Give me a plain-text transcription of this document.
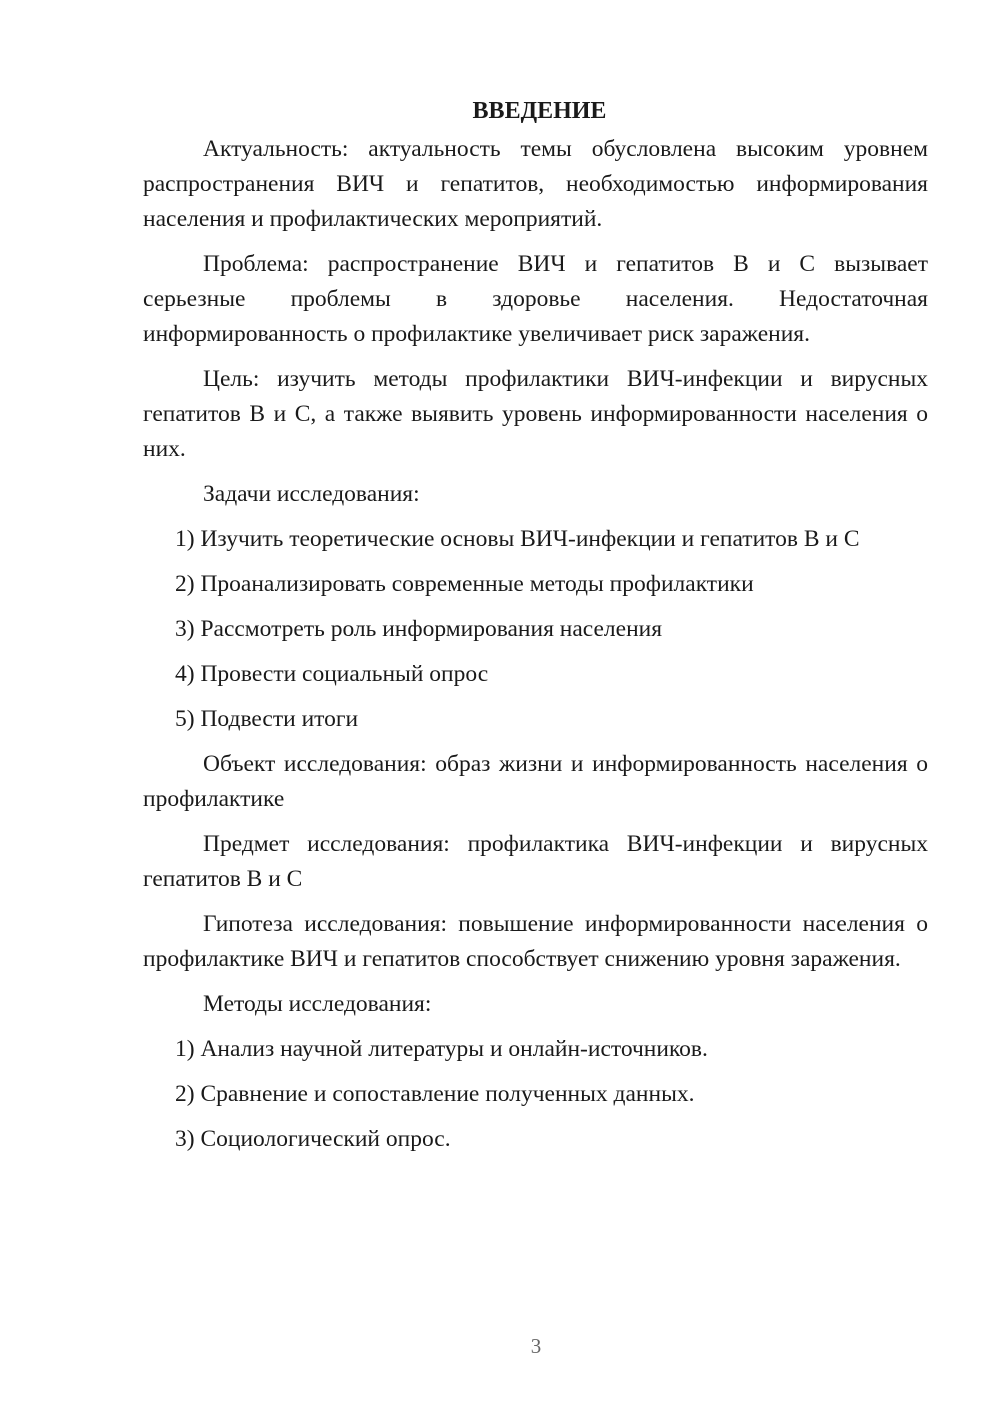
ВВЕДЕНИЕ

Актуальность: актуальность темы обусловлена высоким уровнем распространения ВИЧ и гепатитов, необходимостью информирования населения и профилактических мероприятий.

Проблема: распространение ВИЧ и гепатитов В и С вызывает серьезные проблемы в здоровье населения. Недостаточная информированность о профилактике увеличивает риск заражения.

Цель: изучить методы профилактики ВИЧ-инфекции и вирусных гепатитов В и С, а также выявить уровень информированности населения о них.

Задачи исследования:

1) Изучить теоретические основы ВИЧ-инфекции и гепатитов В и С
2) Проанализировать современные методы профилактики
3) Рассмотреть роль информирования населения
4) Провести социальный опрос
5) Подвести итоги

Объект исследования: образ жизни и информированность населения о профилактике

Предмет исследования: профилактика ВИЧ-инфекции и вирусных гепатитов В и С

Гипотеза исследования: повышение информированности населения о профилактике ВИЧ и гепатитов способствует снижению уровня заражения.

Методы исследования:

1) Анализ научной литературы и онлайн-источников.
2) Сравнение и сопоставление полученных данных.
3) Социологический опрос.
3
